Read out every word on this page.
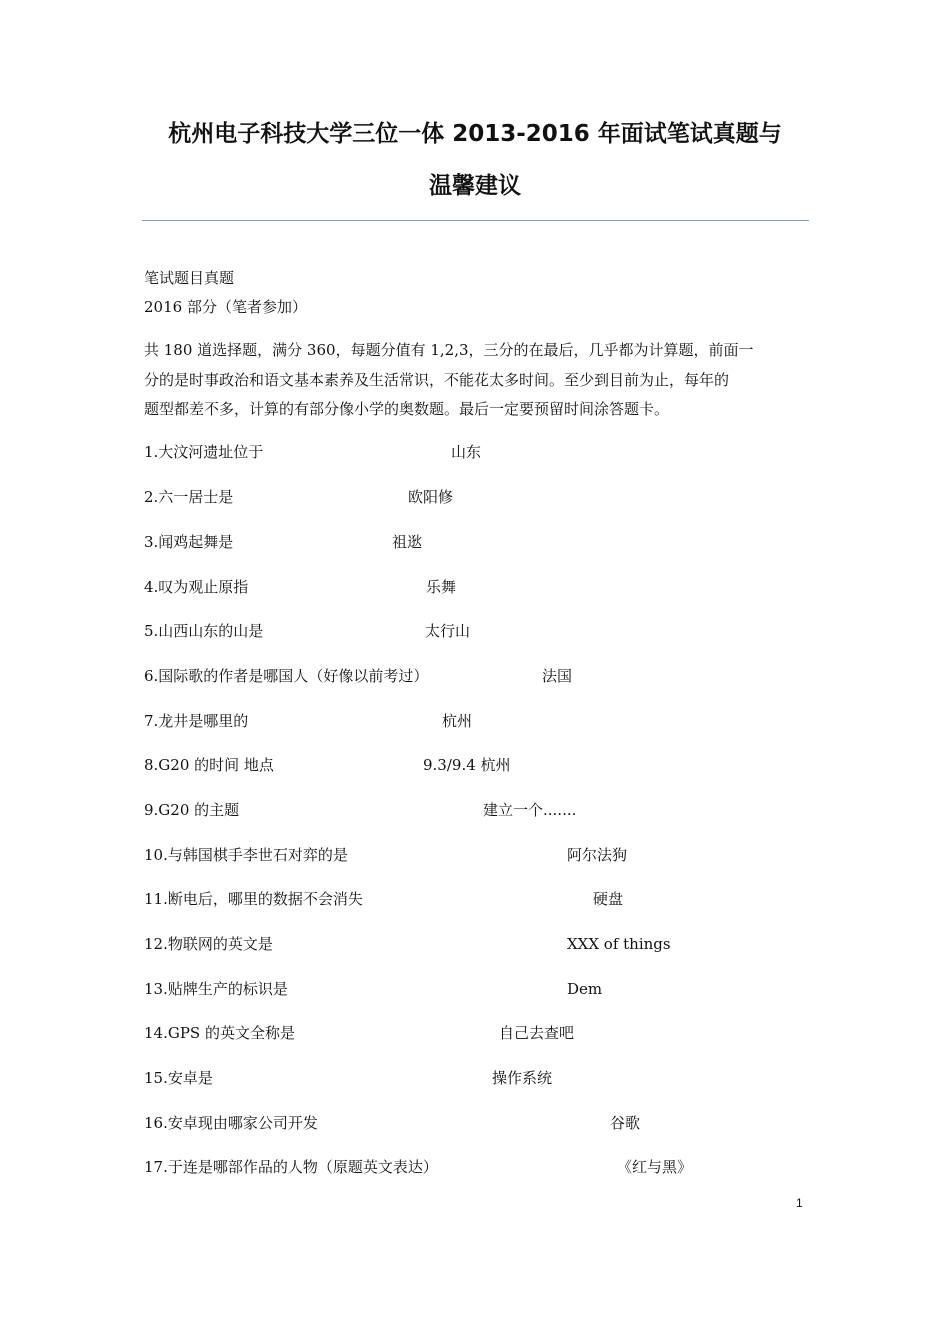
杭州电子科技大学三位一体 2013-2016 年面试笔试真题与
温馨建议
笔试题目真题
2016 部分（笔者参加）
共 180 道选择题，满分 360，每题分值有 1,2,3，三分的在最后，几乎都为计算题，前面一
分的是时事政治和语文基本素养及生活常识，不能花太多时间。至少到目前为止，每年的
题型都差不多，计算的有部分像小学的奥数题。最后一定要预留时间涂答题卡。
1.大汶河遗址位于	山东
2.六一居士是	欧阳修
3.闻鸡起舞是	祖逖
4.叹为观止原指	乐舞
5.山西山东的山是	太行山
6.国际歌的作者是哪国人（好像以前考过）	法国
7.龙井是哪里的	杭州
8.G20 的时间 地点	9.3/9.4 杭州
9.G20 的主题	建立一个.......
10.与韩国棋手李世石对弈的是	阿尔法狗
11.断电后，哪里的数据不会消失	硬盘
12.物联网的英文是	XXX of things
13.贴牌生产的标识是	Dem
14.GPS 的英文全称是	自己去查吧
15.安卓是	操作系统
16.安卓现由哪家公司开发	谷歌
17.于连是哪部作品的人物（原题英文表达）	《红与黑》
1
